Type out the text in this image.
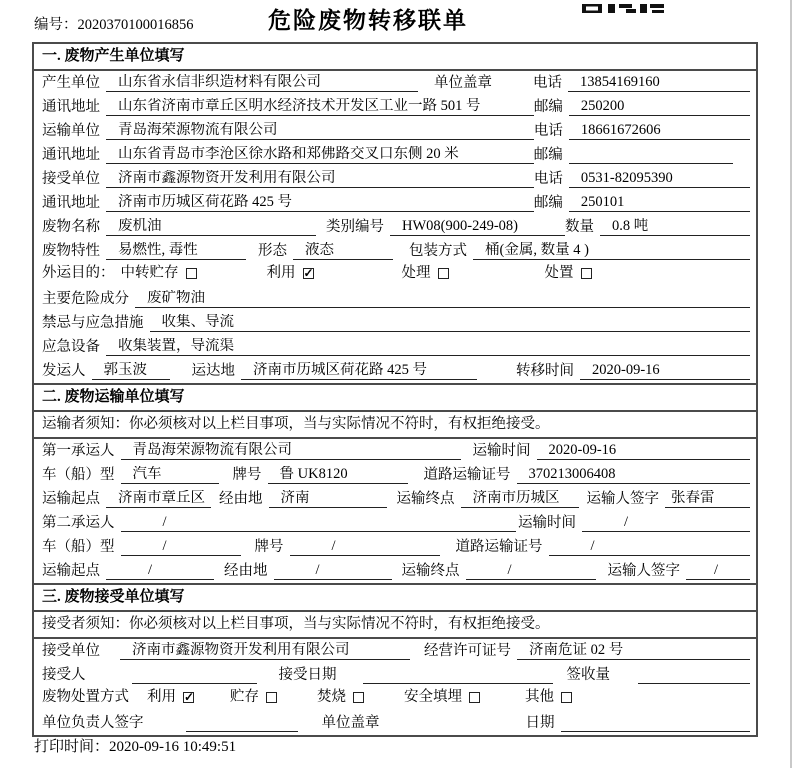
编号：2020370100016856	危险废物转移联单
一. 废物产生单位填写
产生单位	山东省永信非织造材料有限公司	单位盖章	电话	13854169160
通讯地址	山东省济南市章丘区明水经济技术开发区工业一路 501 号	邮编	250200
运输单位	青岛海荣源物流有限公司	电话	18661672606
通讯地址	山东省青岛市李沧区徐水路和郑佛路交叉口东侧 20 米	邮编
接受单位	济南市鑫源物资开发利用有限公司	电话	0531-82095390
通讯地址	济南市历城区荷花路 425 号	邮编	250101
废物名称	废机油	类别编号	HW08(900-249-08)	数量	0.8 吨
废物特性	易燃性, 毒性	形态	液态	包装方式	桶(金属, 数量 4 )
外运目的： 中转贮存	利用 ✓	处理	处置
主要危险成分	废矿物油
禁忌与应急措施	收集、导流
应急设备	收集装置，导流渠
发运人	郭玉波	运达地	济南市历城区荷花路 425 号	转移时间	2020-09-16
二. 废物运输单位填写
运输者须知：你必须核对以上栏目事项，当与实际情况不符时，有权拒绝接受。
第一承运人	青岛海荣源物流有限公司	运输时间	2020-09-16
车（船）型	汽车	牌号	鲁 UK8120	道路运输证号	370213006408
运输起点	济南市章丘区 经由地	济南	运输终点	济南市历城区	运输人签字 张春雷
第二承运人	/	运输时间	/
车（船）型	/	牌号	/	道路运输证号	/
运输起点	/	经由地	/	运输终点	/	运输人签字	/
三. 废物接受单位填写
接受者须知：你必须核对以上栏目事项，当与实际情况不符时，有权拒绝接受。
接受单位	济南市鑫源物资开发利用有限公司	经营许可证号	济南危证 02 号
接受人	接受日期	签收量
废物处置方式 利用 ✓	贮存	焚烧	安全填埋	其他
单位负责人签字	单位盖章	日期
打印时间：2020-09-16 10:49:51
